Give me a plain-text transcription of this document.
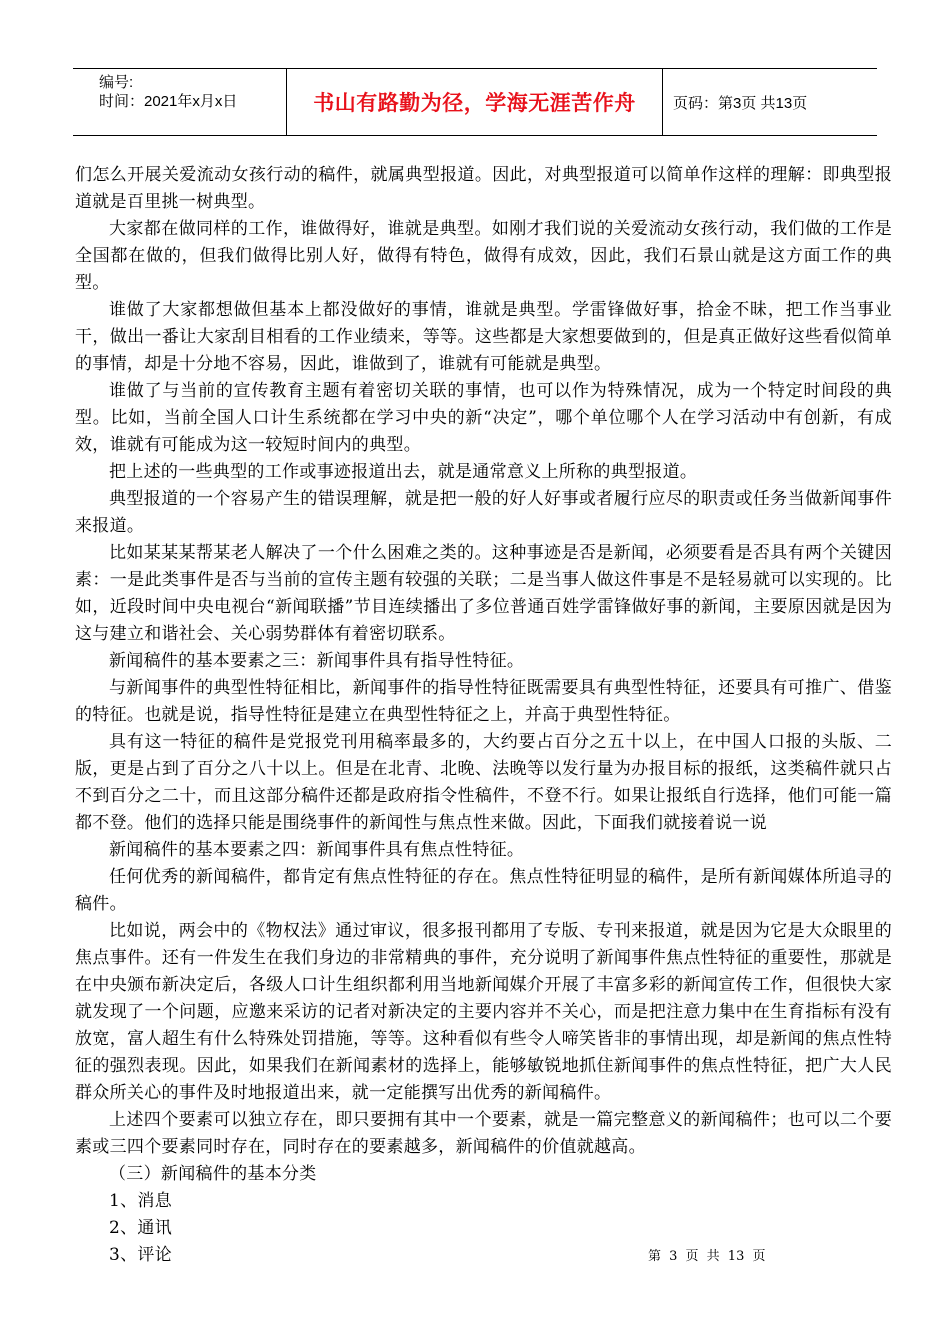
编号:
时间：2021年x月x日	书山有路勤为径，学海无涯苦作舟	页码：第3页 共13页

们怎么开展关爱流动女孩行动的稿件，就属典型报道。因此，对典型报道可以简单作这样的理解：即典型报道就是百里挑一树典型。

大家都在做同样的工作，谁做得好，谁就是典型。如刚才我们说的关爱流动女孩行动，我们做的工作是全国都在做的，但我们做得比别人好，做得有特色，做得有成效，因此，我们石景山就是这方面工作的典型。

谁做了大家都想做但基本上都没做好的事情，谁就是典型。学雷锋做好事，拾金不昧，把工作当事业干，做出一番让大家刮目相看的工作业绩来，等等。这些都是大家想要做到的，但是真正做好这些看似简单的事情，却是十分地不容易，因此，谁做到了，谁就有可能就是典型。

谁做了与当前的宣传教育主题有着密切关联的事情，也可以作为特殊情况，成为一个特定时间段的典型。比如，当前全国人口计生系统都在学习中央的新“决定”，哪个单位哪个人在学习活动中有创新，有成效，谁就有可能成为这一较短时间内的典型。

把上述的一些典型的工作或事迹报道出去，就是通常意义上所称的典型报道。

典型报道的一个容易产生的错误理解，就是把一般的好人好事或者履行应尽的职责或任务当做新闻事件来报道。

比如某某某帮某老人解决了一个什么困难之类的。这种事迹是否是新闻，必须要看是否具有两个关键因素：一是此类事件是否与当前的宣传主题有较强的关联；二是当事人做这件事是不是轻易就可以实现的。比如，近段时间中央电视台“新闻联播”节目连续播出了多位普通百姓学雷锋做好事的新闻，主要原因就是因为这与建立和谐社会、关心弱势群体有着密切联系。

新闻稿件的基本要素之三：新闻事件具有指导性特征。

与新闻事件的典型性特征相比，新闻事件的指导性特征既需要具有典型性特征，还要具有可推广、借鉴的特征。也就是说，指导性特征是建立在典型性特征之上，并高于典型性特征。

具有这一特征的稿件是党报党刊用稿率最多的，大约要占百分之五十以上，在中国人口报的头版、二版，更是占到了百分之八十以上。但是在北青、北晚、法晚等以发行量为办报目标的报纸，这类稿件就只占不到百分之二十，而且这部分稿件还都是政府指令性稿件，不登不行。如果让报纸自行选择，他们可能一篇都不登。他们的选择只能是围绕事件的新闻性与焦点性来做。因此，下面我们就接着说一说

新闻稿件的基本要素之四：新闻事件具有焦点性特征。

任何优秀的新闻稿件，都肯定有焦点性特征的存在。焦点性特征明显的稿件，是所有新闻媒体所追寻的稿件。

比如说，两会中的《物权法》通过审议，很多报刊都用了专版、专刊来报道，就是因为它是大众眼里的焦点事件。还有一件发生在我们身边的非常精典的事件，充分说明了新闻事件焦点性特征的重要性，那就是在中央颁布新决定后，各级人口计生组织都利用当地新闻媒介开展了丰富多彩的新闻宣传工作，但很快大家就发现了一个问题，应邀来采访的记者对新决定的主要内容并不关心，而是把注意力集中在生育指标有没有放宽，富人超生有什么特殊处罚措施，等等。这种看似有些令人啼笑皆非的事情出现，却是新闻的焦点性特征的强烈表现。因此，如果我们在新闻素材的选择上，能够敏锐地抓住新闻事件的焦点性特征，把广大人民群众所关心的事件及时地报道出来，就一定能撰写出优秀的新闻稿件。

上述四个要素可以独立存在，即只要拥有其中一个要素，就是一篇完整意义的新闻稿件；也可以二个要素或三四个要素同时存在，同时存在的要素越多，新闻稿件的价值就越高。

（三）新闻稿件的基本分类

1、消息

2、通讯

3、评论	第 3 页 共 13 页
